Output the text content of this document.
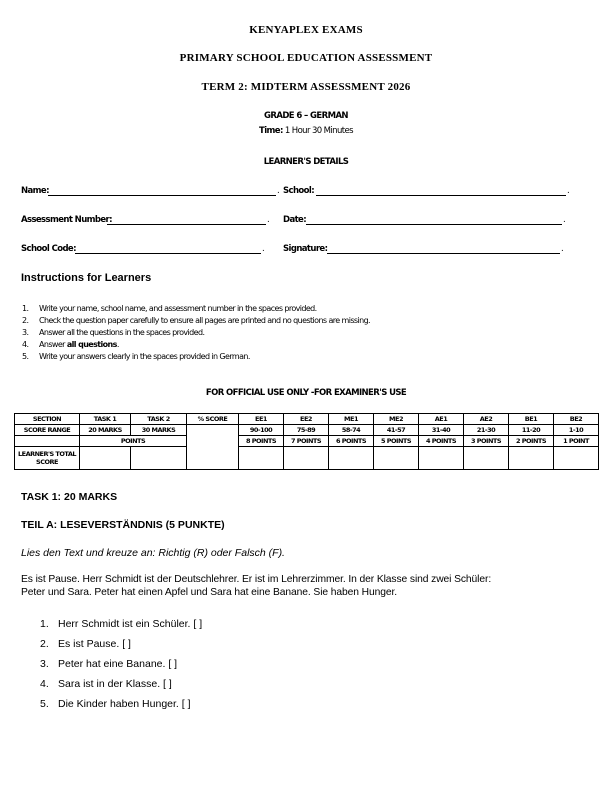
KENYAPLEX EXAMS
PRIMARY SCHOOL EDUCATION ASSESSMENT
TERM 2: MIDTERM ASSESSMENT 2026
GRADE 6 – GERMAN
Time: 1 Hour 30 Minutes
LEARNER'S DETAILS
Name:	. School:	.
Assessment Number:	. Date:	.
School Code:	. Signature:	.
Instructions for Learners
1. Write your name, school name, and assessment number in the spaces provided.
2. Check the question paper carefully to ensure all pages are printed and no questions are missing.
3. Answer all the questions in the spaces provided.
4. Answer all questions.
5. Write your answers clearly in the spaces provided in German.
FOR OFFICIAL USE ONLY -FOR EXAMINER'S USE
SECTION	TASK 1	TASK 2	% SCORE	EE1	EE2	ME1	ME2	AE1	AE2	BE1	BE2
SCORE RANGE	20 MARKS	30 MARKS		90-100	75-89	58-74	41-57	31-40	21-30	11-20	1-10
	POINTS			8 POINTS	7 POINTS	6 POINTS	5 POINTS	4 POINTS	3 POINTS	2 POINTS	1 POINT
LEARNER'S TOTAL SCORE											
TASK 1: 20 MARKS
TEIL A: LESEVERSTÄNDNIS (5 PUNKTE)
Lies den Text und kreuze an: Richtig (R) oder Falsch (F).
Es ist Pause. Herr Schmidt ist der Deutschlehrer. Er ist im Lehrerzimmer. In der Klasse sind zwei Schüler:
Peter und Sara. Peter hat einen Apfel und Sara hat eine Banane. Sie haben Hunger.
1. Herr Schmidt ist ein Schüler. [ ]
2. Es ist Pause. [ ]
3. Peter hat eine Banane. [ ]
4. Sara ist in der Klasse. [ ]
5. Die Kinder haben Hunger. [ ]
